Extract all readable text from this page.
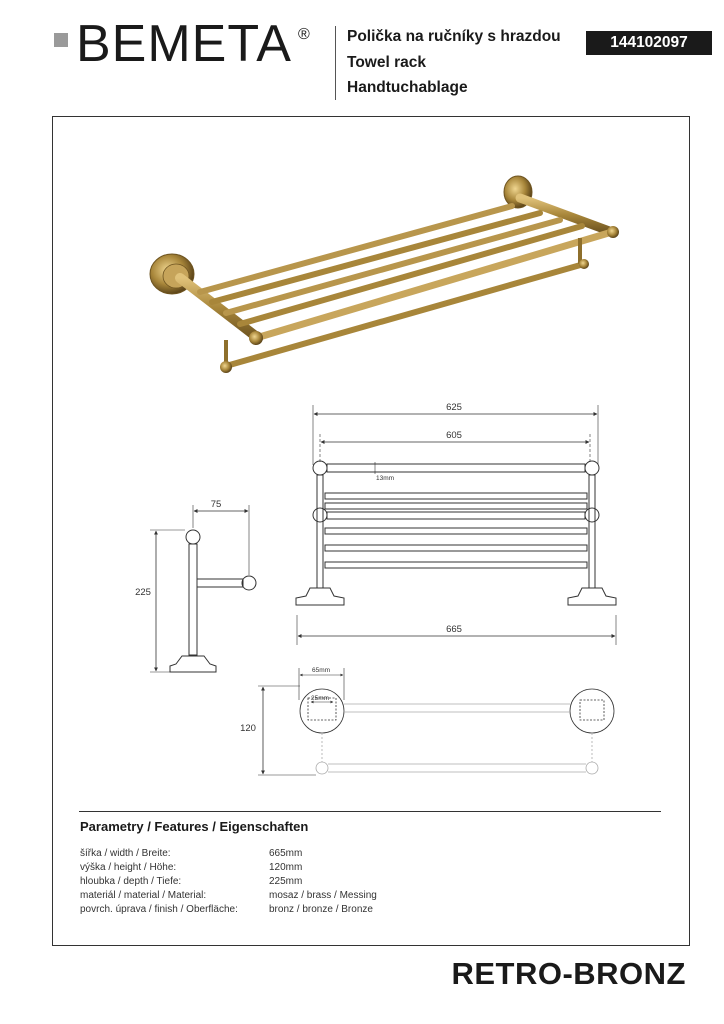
BEMETA ® Polička na ručníky s hrazdou
Towel rack
Handtuchablage
144102097
625
605
13mm
665
75
225
120
65mm
25mm
Parametry / Features / Eigenschaften
šířka / width / Breite:	665mm
výška / height / Höhe:	120mm
hloubka / depth / Tiefe:	225mm
materiál / material / Material:	mosaz / brass / Messing
povrch. úprava / finish / Oberfläche:	bronz / bronze / Bronze
RETRO-BRONZ
